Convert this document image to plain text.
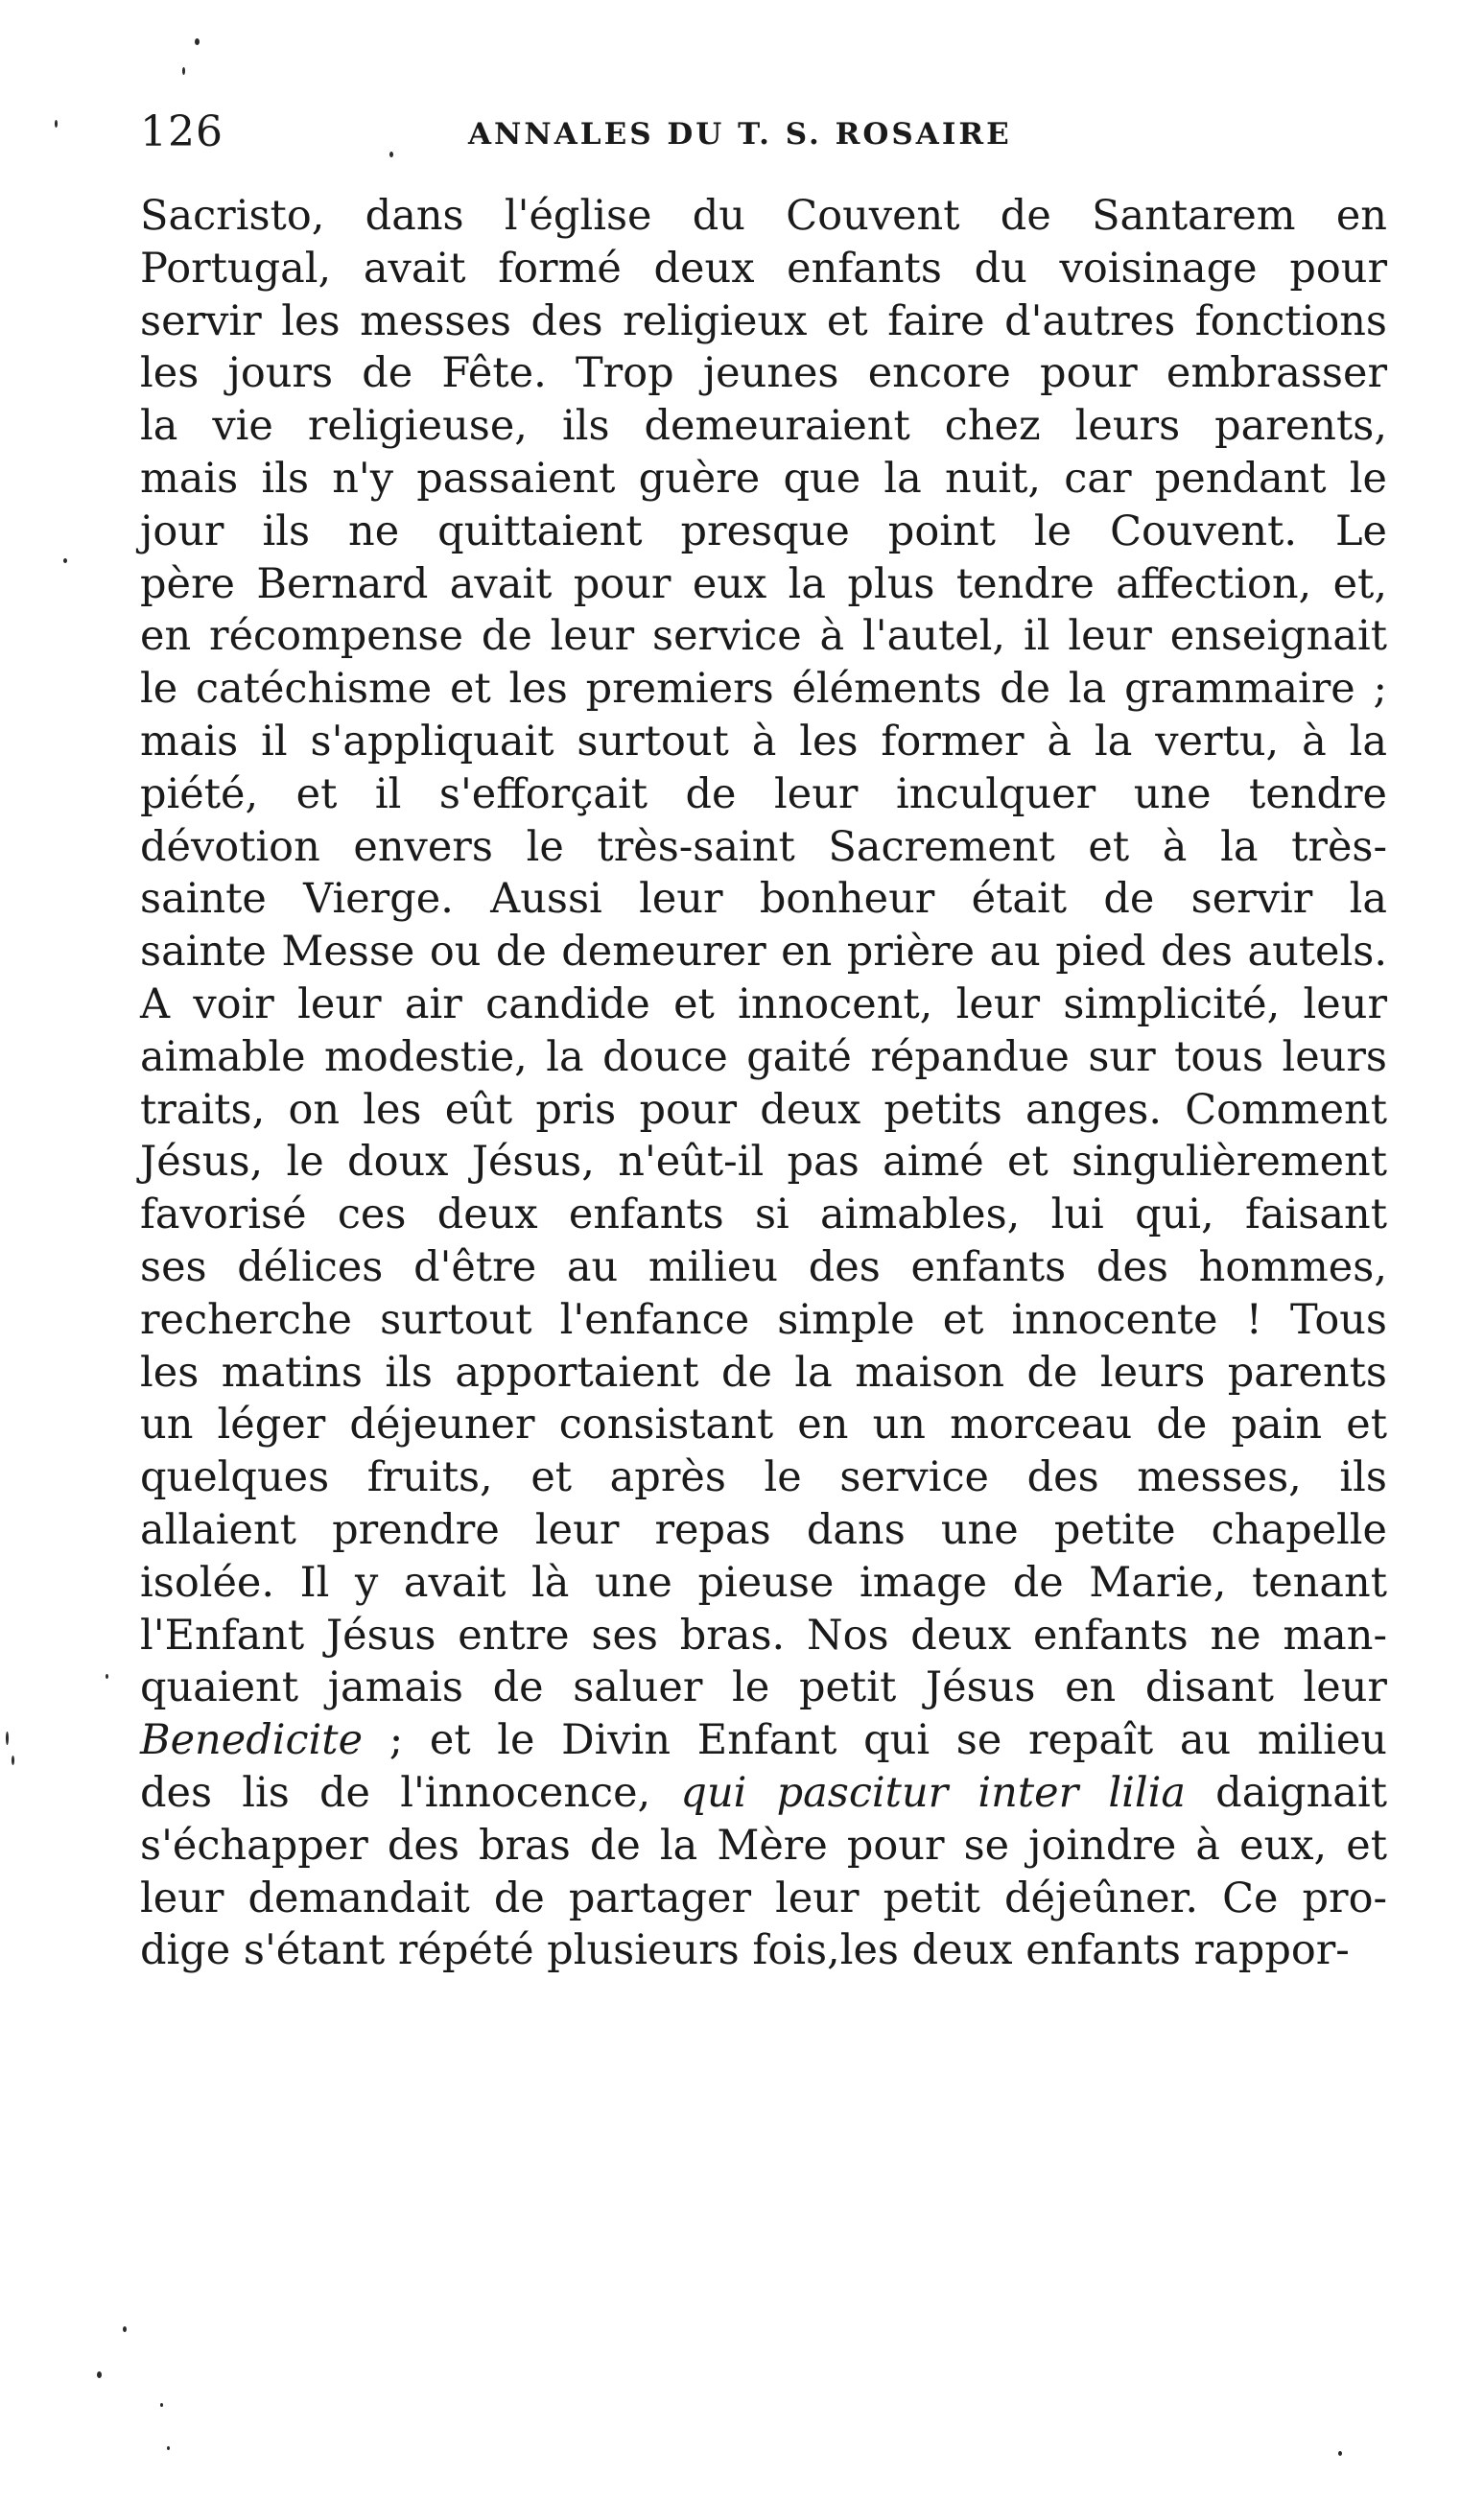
126	ANNALES DU T. S. ROSAIRE
Sacristo, dans l'église du Couvent de Santarem en
Portugal, avait formé deux enfants du voisinage pour
servir les messes des religieux et faire d'autres fonctions
les jours de Fête. Trop jeunes encore pour embrasser
la vie religieuse, ils demeuraient chez leurs parents,
mais ils n'y passaient guère que la nuit, car pendant le
jour ils ne quittaient presque point le Couvent. Le
père Bernard avait pour eux la plus tendre affection, et,
en récompense de leur service à l'autel, il leur enseignait
le catéchisme et les premiers éléments de la grammaire ;
mais il s'appliquait surtout à les former à la vertu, à la
piété, et il s'efforçait de leur inculquer une tendre
dévotion envers le très-saint Sacrement et à la très-
sainte Vierge. Aussi leur bonheur était de servir la
sainte Messe ou de demeurer en prière au pied des autels.
A voir leur air candide et innocent, leur simplicité, leur
aimable modestie, la douce gaité répandue sur tous leurs
traits, on les eût pris pour deux petits anges. Comment
Jésus, le doux Jésus, n'eût-il pas aimé et singulièrement
favorisé ces deux enfants si aimables, lui qui, faisant
ses délices d'être au milieu des enfants des hommes,
recherche surtout l'enfance simple et innocente ! Tous
les matins ils apportaient de la maison de leurs parents
un léger déjeuner consistant en un morceau de pain et
quelques fruits, et après le service des messes, ils
allaient prendre leur repas dans une petite chapelle
isolée. Il y avait là une pieuse image de Marie, tenant
l'Enfant Jésus entre ses bras. Nos deux enfants ne man-
quaient jamais de saluer le petit Jésus en disant leur
Benedicite ; et le Divin Enfant qui se repaît au milieu
des lis de l'innocence, qui pascitur inter lilia daignait
s'échapper des bras de la Mère pour se joindre à eux, et
leur demandait de partager leur petit déjeûner. Ce pro-
dige s'étant répété plusieurs fois,les deux enfants rappor-
